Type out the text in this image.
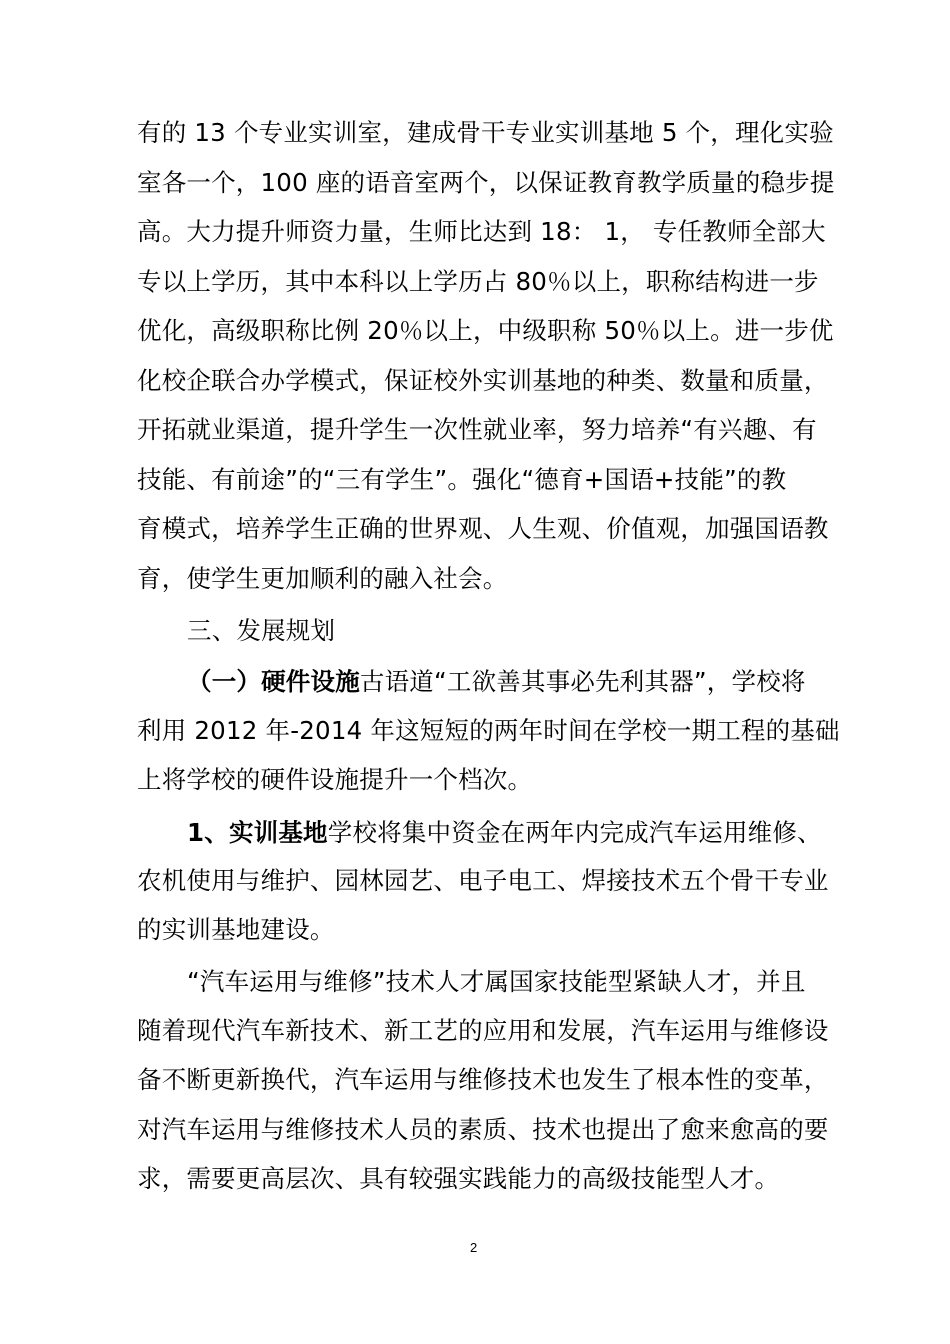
有的 13 个专业实训室，建成骨干专业实训基地 5 个，理化实验
室各一个，100 座的语音室两个，以保证教育教学质量的稳步提
高。大力提升师资力量，生师比达到 18： 1， 专任教师全部大
专以上学历，其中本科以上学历占 80％以上，职称结构进一步
优化，高级职称比例 20％以上，中级职称 50％以上。进一步优
化校企联合办学模式，保证校外实训基地的种类、数量和质量，
开拓就业渠道，提升学生一次性就业率，努力培养“有兴趣、有
技能、有前途”的“三有学生”。强化“德育+国语+技能”的教
育模式，培养学生正确的世界观、人生观、价值观，加强国语教
育，使学生更加顺利的融入社会。
三、发展规划
（一）硬件设施古语道“工欲善其事必先利其器”，学校将
利用 2012 年-2014 年这短短的两年时间在学校一期工程的基础
上将学校的硬件设施提升一个档次。
1、实训基地学校将集中资金在两年内完成汽车运用维修、
农机使用与维护、园林园艺、电子电工、焊接技术五个骨干专业
的实训基地建设。
“汽车运用与维修”技术人才属国家技能型紧缺人才，并且
随着现代汽车新技术、新工艺的应用和发展，汽车运用与维修设
备不断更新换代，汽车运用与维修技术也发生了根本性的变革，
对汽车运用与维修技术人员的素质、技术也提出了愈来愈高的要
求，需要更高层次、具有较强实践能力的高级技能型人才。
2
